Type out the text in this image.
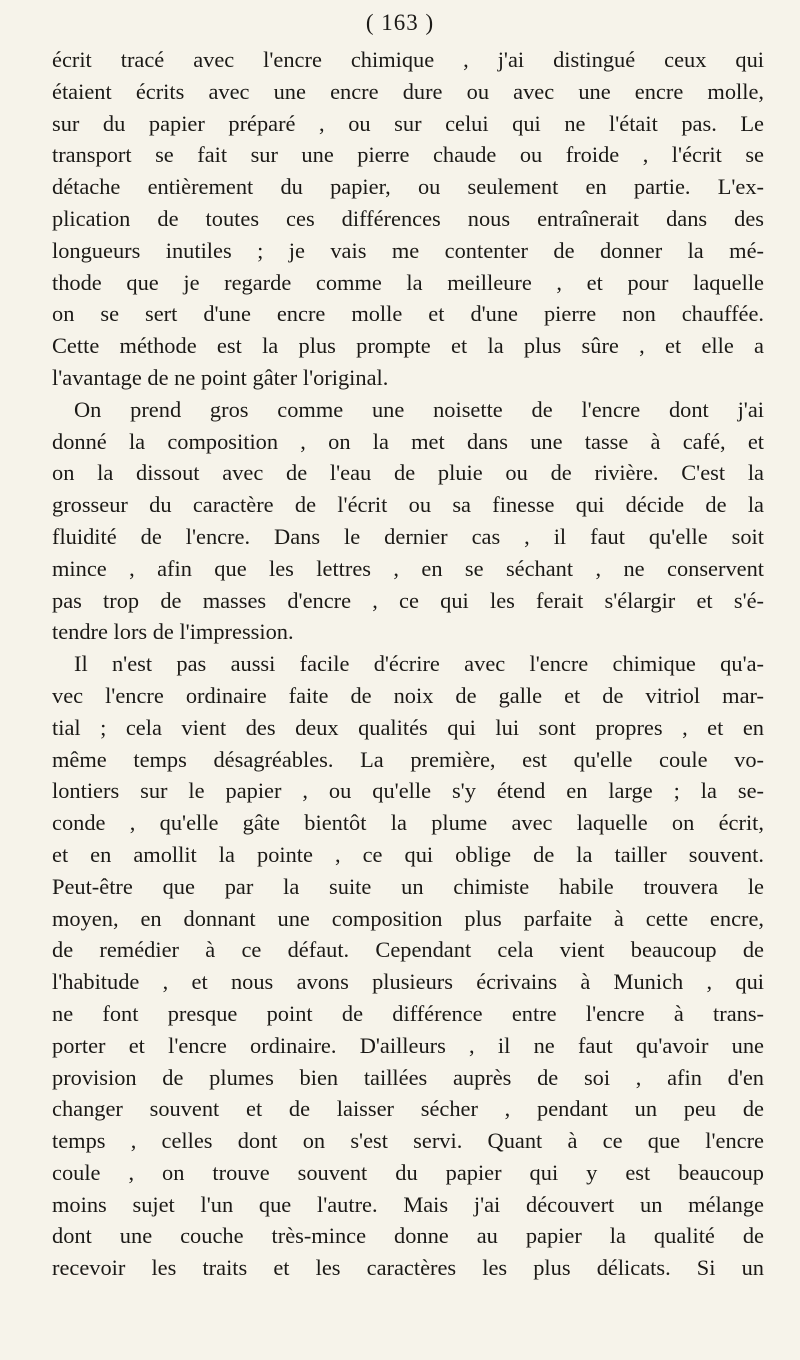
( 163 )
écrit tracé avec l'encre chimique , j'ai distingué ceux qui
étaient écrits avec une encre dure ou avec une encre molle,
sur du papier préparé , ou sur celui qui ne l'était pas. Le
transport se fait sur une pierre chaude ou froide , l'écrit se
détache entièrement du papier, ou seulement en partie. L'ex-
plication de toutes ces différences nous entraînerait dans des
longueurs inutiles ; je vais me contenter de donner la mé-
thode que je regarde comme la meilleure , et pour laquelle
on se sert d'une encre molle et d'une pierre non chauffée.
Cette méthode est la plus prompte et la plus sûre , et elle a
l'avantage de ne point gâter l'original.
On prend gros comme une noisette de l'encre dont j'ai
donné la composition , on la met dans une tasse à café, et
on la dissout avec de l'eau de pluie ou de rivière. C'est la
grosseur du caractère de l'écrit ou sa finesse qui décide de la
fluidité de l'encre. Dans le dernier cas , il faut qu'elle soit
mince , afin que les lettres , en se séchant , ne conservent
pas trop de masses d'encre , ce qui les ferait s'élargir et s'é-
tendre lors de l'impression.
Il n'est pas aussi facile d'écrire avec l'encre chimique qu'a-
vec l'encre ordinaire faite de noix de galle et de vitriol mar-
tial ; cela vient des deux qualités qui lui sont propres , et en
même temps désagréables. La première, est qu'elle coule vo-
lontiers sur le papier , ou qu'elle s'y étend en large ; la se-
conde , qu'elle gâte bientôt la plume avec laquelle on écrit,
et en amollit la pointe , ce qui oblige de la tailler souvent.
Peut-être que par la suite un chimiste habile trouvera le
moyen, en donnant une composition plus parfaite à cette encre,
de remédier à ce défaut. Cependant cela vient beaucoup de
l'habitude , et nous avons plusieurs écrivains à Munich , qui
ne font presque point de différence entre l'encre à trans-
porter et l'encre ordinaire. D'ailleurs , il ne faut qu'avoir une
provision de plumes bien taillées auprès de soi , afin d'en
changer souvent et de laisser sécher , pendant un peu de
temps , celles dont on s'est servi. Quant à ce que l'encre
coule , on trouve souvent du papier qui y est beaucoup
moins sujet l'un que l'autre. Mais j'ai découvert un mélange
dont une couche très-mince donne au papier la qualité de
recevoir les traits et les caractères les plus délicats. Si un
